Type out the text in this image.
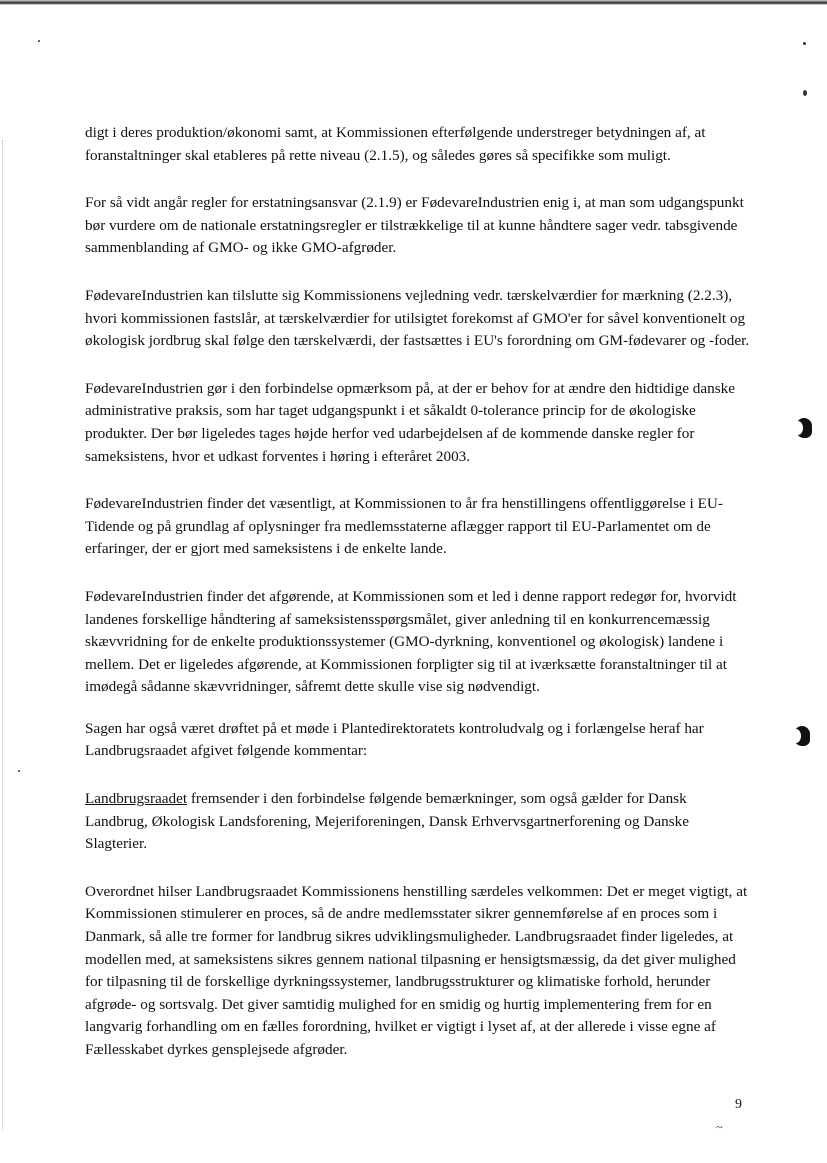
digt i deres produktion/økonomi samt, at Kommissionen efterfølgende understreger betydningen af, at foranstaltninger skal etableres på rette niveau (2.1.5), og således gøres så specifikke som muligt.

For så vidt angår regler for erstatningsansvar (2.1.9) er FødevareIndustrien enig i, at man som udgangspunkt bør vurdere om de nationale erstatningsregler er tilstrækkelige til at kunne håndtere sager vedr. tabsgivende sammenblanding af GMO- og ikke GMO-afgrøder.

FødevareIndustrien kan tilslutte sig Kommissionens vejledning vedr. tærskelværdier for mærkning (2.2.3), hvori kommissionen fastslår, at tærskelværdier for utilsigtet forekomst af GMO'er for såvel konventionelt og økologisk jordbrug skal følge den tærskelværdi, der fastsættes i EU's forordning om GM-fødevarer og -foder.

FødevareIndustrien gør i den forbindelse opmærksom på, at der er behov for at ændre den hidtidige danske administrative praksis, som har taget udgangspunkt i et såkaldt 0-tolerance princip for de økologiske produkter. Der bør ligeledes tages højde herfor ved udarbejdelsen af de kommende danske regler for sameksistens, hvor et udkast forventes i høring i efteråret 2003.

FødevareIndustrien finder det væsentligt, at Kommissionen to år fra henstillingens offentliggørelse i EU- Tidende og på grundlag af oplysninger fra medlemsstaterne aflægger rapport til EU-Parlamentet om de erfaringer, der er gjort med sameksistens i de enkelte lande.

FødevareIndustrien finder det afgørende, at Kommissionen som et led i denne rapport redegør for, hvorvidt landenes forskellige håndtering af sameksistensspørgsmålet, giver anledning til en konkurrencemæssig skævvridning for de enkelte produktionssystemer (GMO-dyrkning, konventionel og økologisk) landene i mellem. Det er ligeledes afgørende, at Kommissionen forpligter sig til at iværksætte foranstaltninger til at imødegå sådanne skævvridninger, såfremt dette skulle vise sig nødvendigt.

Sagen har også været drøftet på et møde i Plantedirektoratets kontroludvalg og i forlængelse heraf har Landbrugsraadet afgivet følgende kommentar:

Landbrugsraadet fremsender i den forbindelse følgende bemærkninger, som også gælder for Dansk Landbrug, Økologisk Landsforening, Mejeriforeningen, Dansk Erhvervsgartnerforening og Danske Slagterier.

Overordnet hilser Landbrugsraadet Kommissionens henstilling særdeles velkommen: Det er meget vigtigt, at Kommissionen stimulerer en proces, så de andre medlemsstater sikrer gennemførelse af en proces som i Danmark, så alle tre former for landbrug sikres udviklingsmuligheder. Landbrugsraadet finder ligeledes, at modellen med, at sameksistens sikres gennem national tilpasning er hensigtsmæssig, da det giver mulighed for tilpasning til de forskellige dyrkningssystemer, landbrugsstrukturer og klimatiske forhold, herunder afgrøde- og sortsvalg. Det giver samtidig mulighed for en smidig og hurtig implementering frem for en langvarig forhandling om en fælles forordning, hvilket er vigtigt i lyset af, at der allerede i visse egne af Fællesskabet dyrkes gensplejsede afgrøder.

9
~
